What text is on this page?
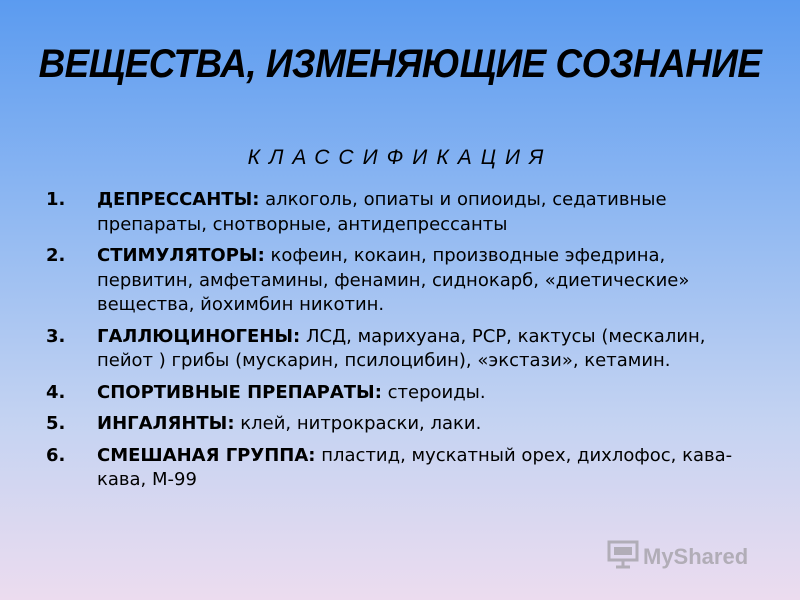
ВЕЩЕСТВА, ИЗМЕНЯЮЩИЕ СОЗНАНИЕ
КЛАССИФИКАЦИЯ
1. ДЕПРЕССАНТЫ: алкоголь, опиаты и опиоиды, седативные препараты, снотворные, антидепрессанты
2. СТИМУЛЯТОРЫ: кофеин, кокаин, производные эфедрина, первитин, амфетамины, фенамин, сиднокарб, «диетические» вещества, йохимбин никотин.
3. ГАЛЛЮЦИНОГЕНЫ: ЛСД, марихуана, PCP, кактусы (мескалин, пейот ) грибы (мускарин, псилоцибин), «экстази», кетамин.
4. СПОРТИВНЫЕ ПРЕПАРАТЫ: стероиды.
5. ИНГАЛЯНТЫ: клей, нитрокраски, лаки.
6. СМЕШАНАЯ ГРУППА: пластид, мускатный орех, дихлофос, кава-кава, М-99
MyShared
